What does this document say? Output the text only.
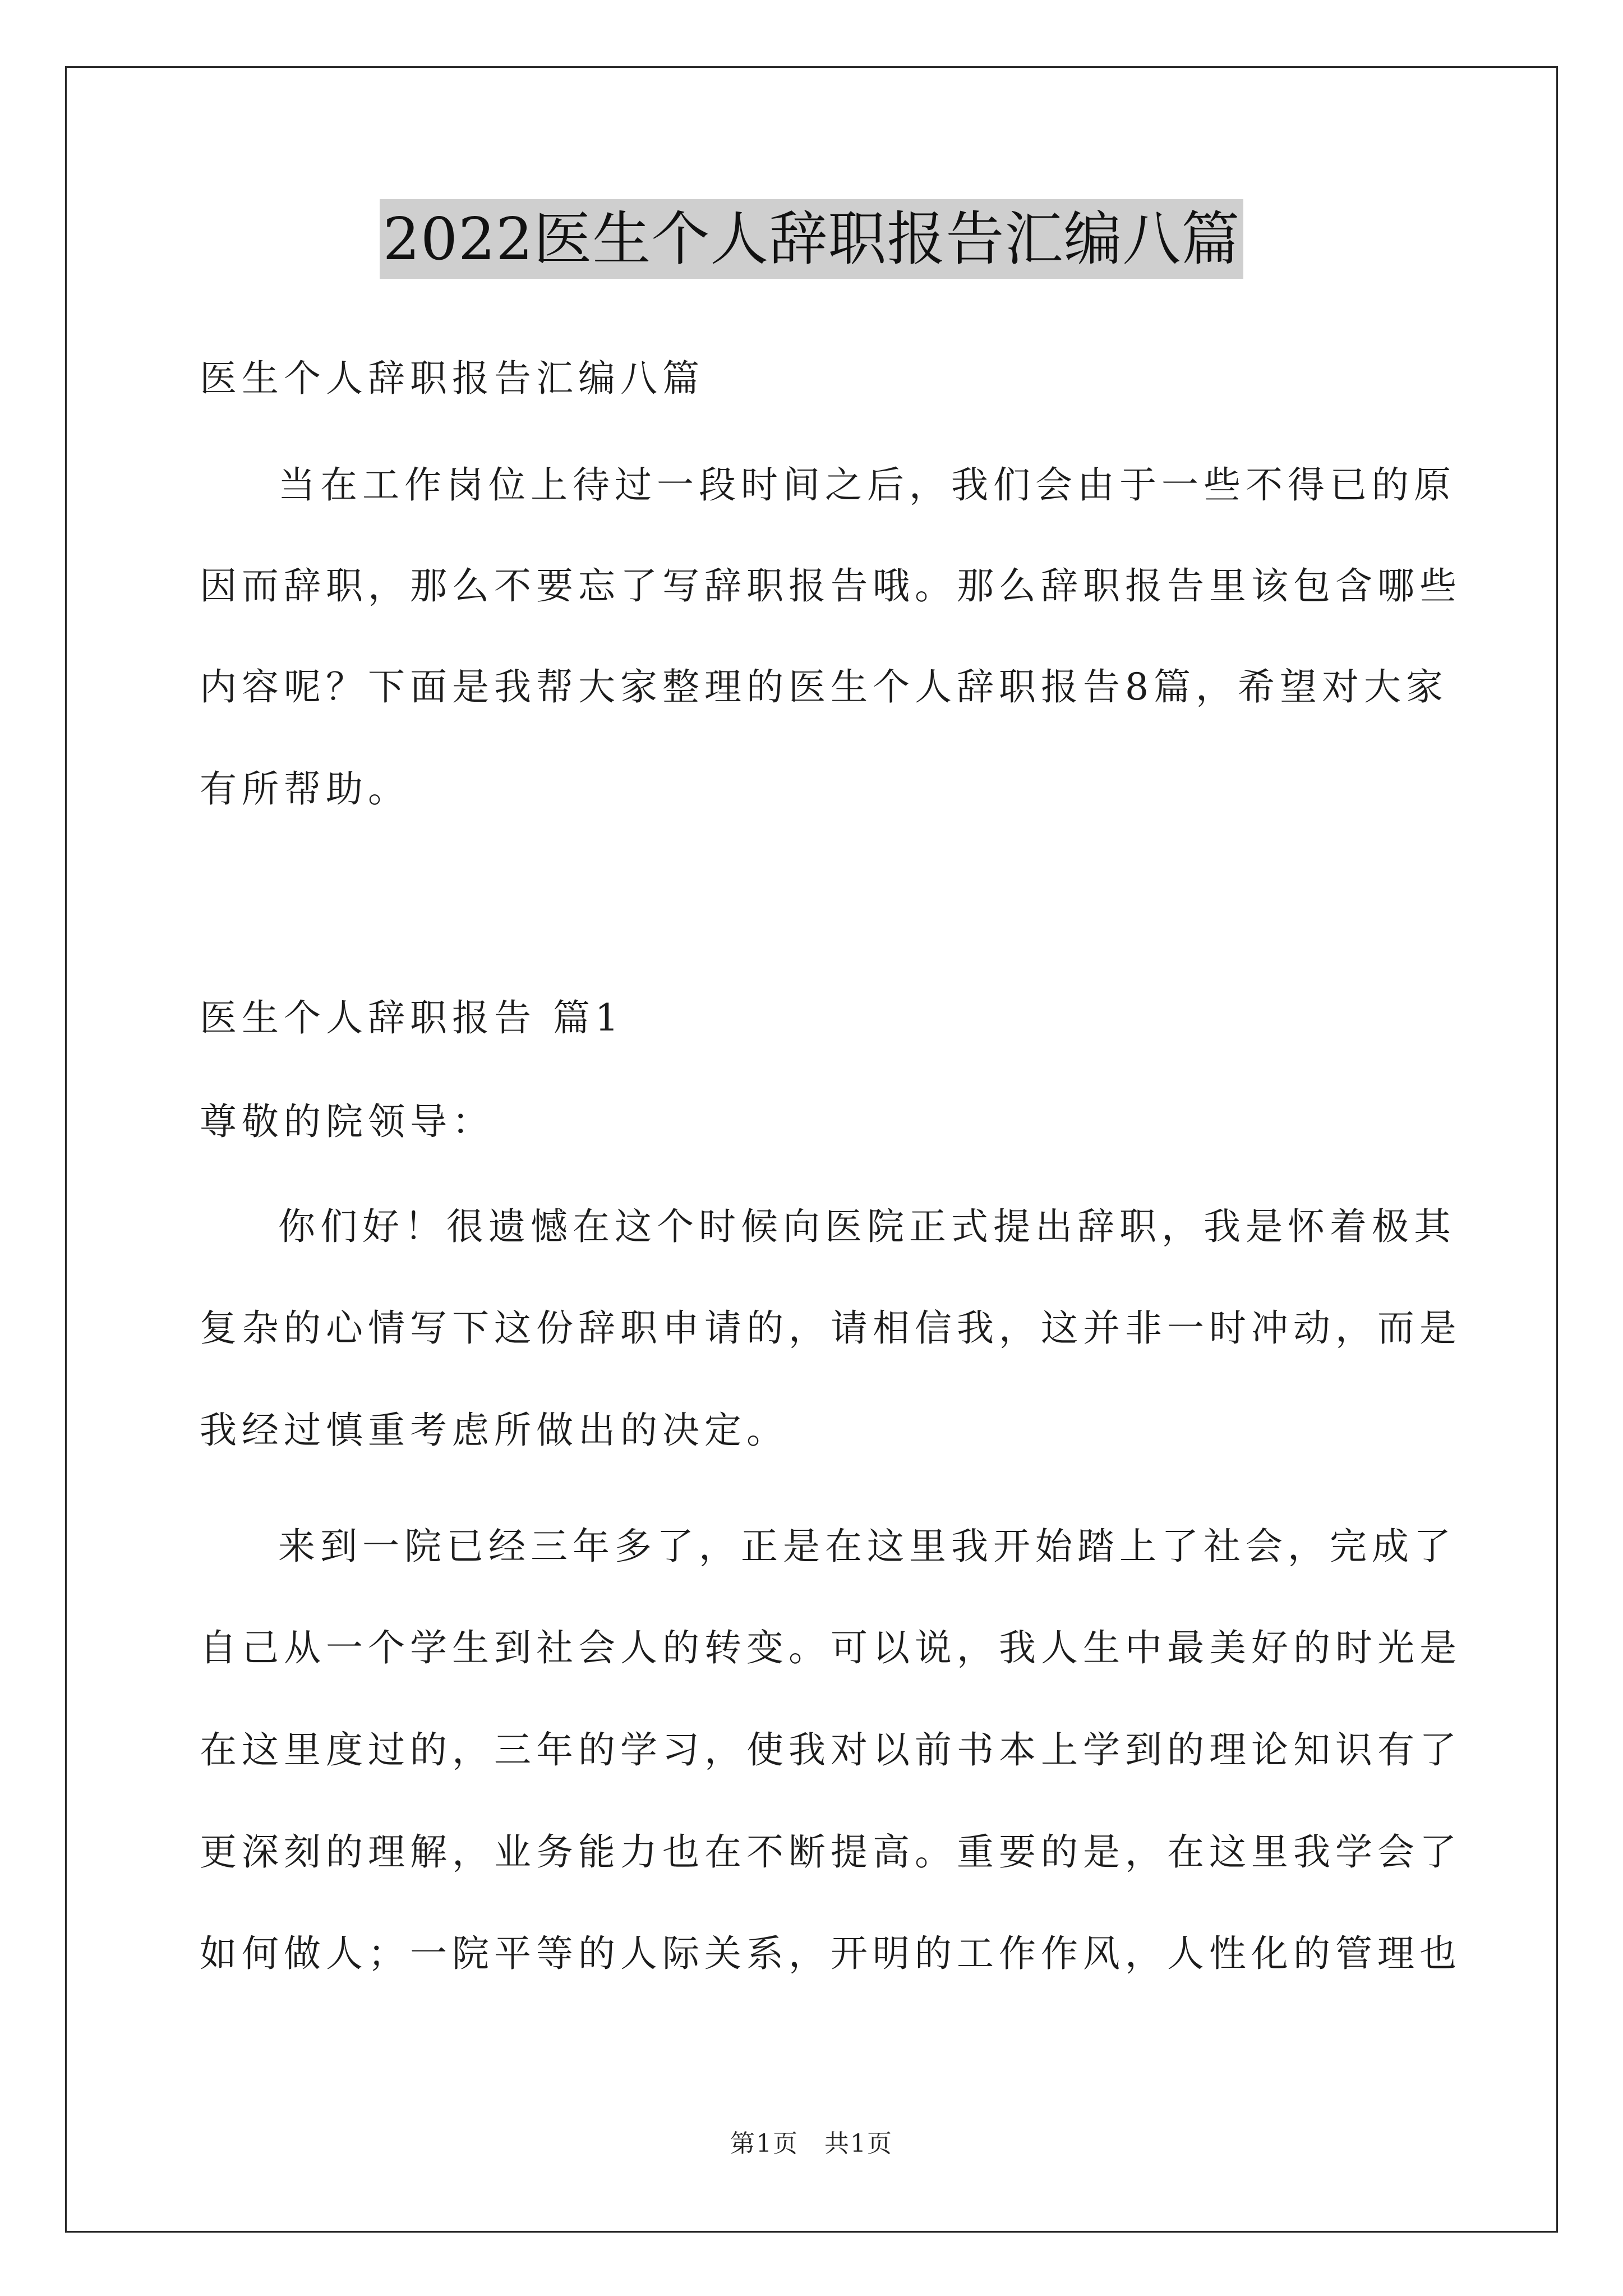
2022医生个人辞职报告汇编八篇
医生个人辞职报告汇编八篇
当在工作岗位上待过一段时间之后，我们会由于一些不得已的原
因而辞职，那么不要忘了写辞职报告哦。那么辞职报告里该包含哪些
内容呢？下面是我帮大家整理的医生个人辞职报告8篇，希望对大家
有所帮助。
医生个人辞职报告 篇1
尊敬的院领导：
你们好！很遗憾在这个时候向医院正式提出辞职，我是怀着极其
复杂的心情写下这份辞职申请的，请相信我，这并非一时冲动，而是
我经过慎重考虑所做出的决定。
来到一院已经三年多了，正是在这里我开始踏上了社会，完成了
自己从一个学生到社会人的转变。可以说，我人生中最美好的时光是
在这里度过的，三年的学习，使我对以前书本上学到的理论知识有了
更深刻的理解，业务能力也在不断提高。重要的是，在这里我学会了
如何做人；一院平等的人际关系，开明的工作作风，人性化的管理也
第1页　共1页
